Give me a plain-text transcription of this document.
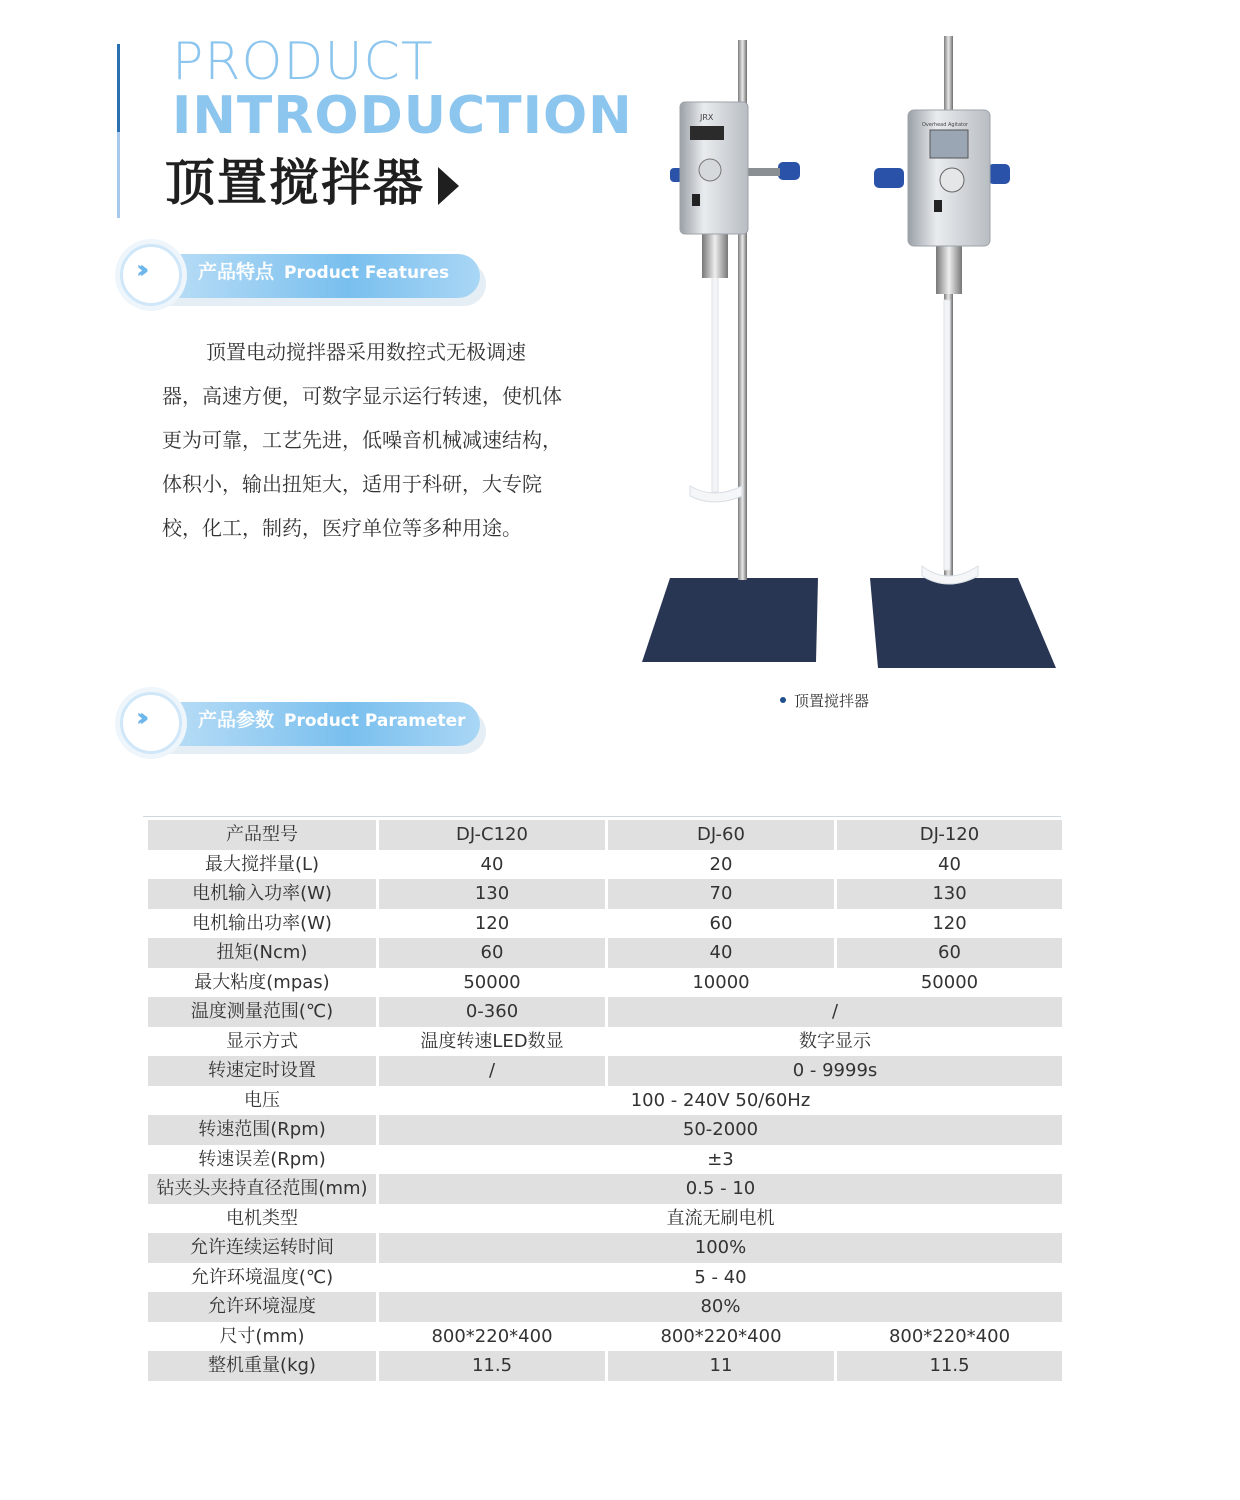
PRODUCT
INTRODUCTION
顶置搅拌器
››	产品特点 Product Features

顶置电动搅拌器采用数控式无极调速器，高速方便，可数字显示运行转速，使机体更为可靠，工艺先进，低噪音机械减速结构，体积小，输出扭矩大，适用于科研，大专院校，化工，制药，医疗单位等多种用途。

JRX
Overhead Agitator
顶置搅拌器
››	产品参数 Product Parameter
产品型号	DJ-C120	DJ-60	DJ-120
最大搅拌量(L)	40	20	40
电机输入功率(W)	130	70	130
电机输出功率(W)	120	60	120
扭矩(Ncm)	60	40	60
最大粘度(mpas)	50000	10000	50000
温度测量范围(℃)	0-360	/	
显示方式	温度转速LED数显	数字显示	
转速定时设置	/	0 - 9999s	
电压	100 - 240V 50/60Hz		
转速范围(Rpm)	50-2000		
转速误差(Rpm)	±3		
钻夹头夹持直径范围(mm)	0.5 - 10		
电机类型	直流无刷电机		
允许连续运转时间	100%		
允许环境温度(℃)	5 - 40		
允许环境湿度	80%		
尺寸(mm)	800*220*400	800*220*400	800*220*400
整机重量(kg)	11.5	11	11.5
